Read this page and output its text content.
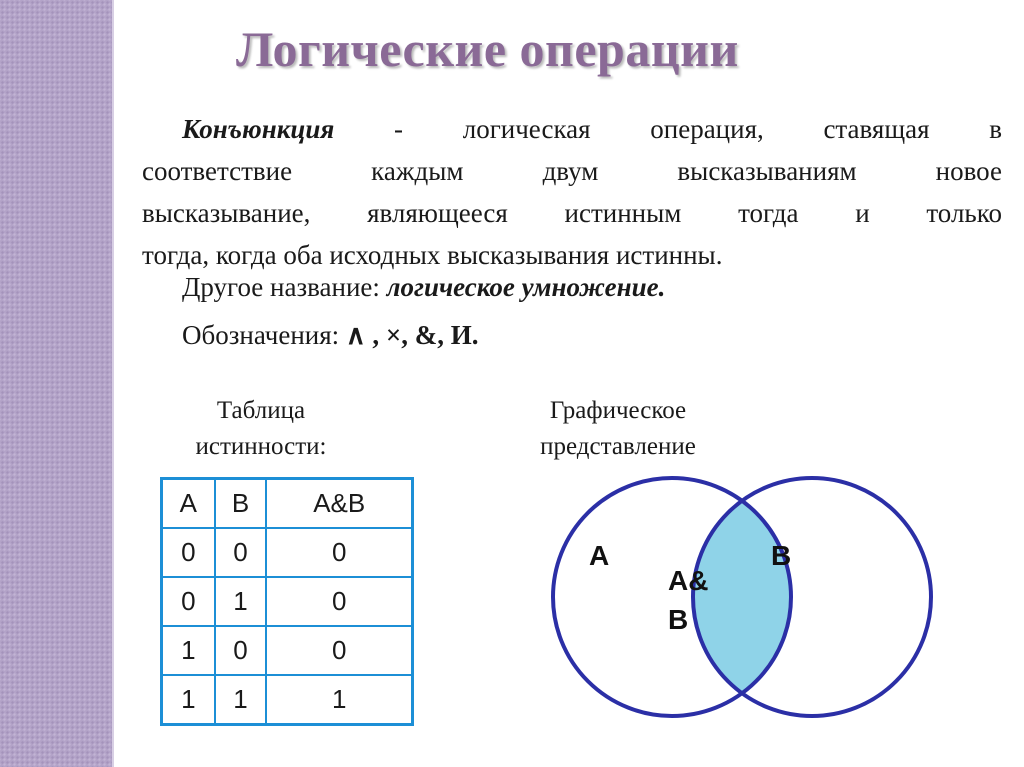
Логические операции
Конъюнкция - логическая операция, ставящая в
соответствие каждым двум высказываниям новое
высказывание, являющееся истинным тогда и только
тогда, когда оба исходных высказывания истинны.
Другое название: логическое умножение.
Обозначения: ∧ , ×, &, И.
Таблица
истинности:
Графическое
представление
A	B	A&B
0	0	0
0	1	0
1	0	0
1	1	1
A	B
A&
B
